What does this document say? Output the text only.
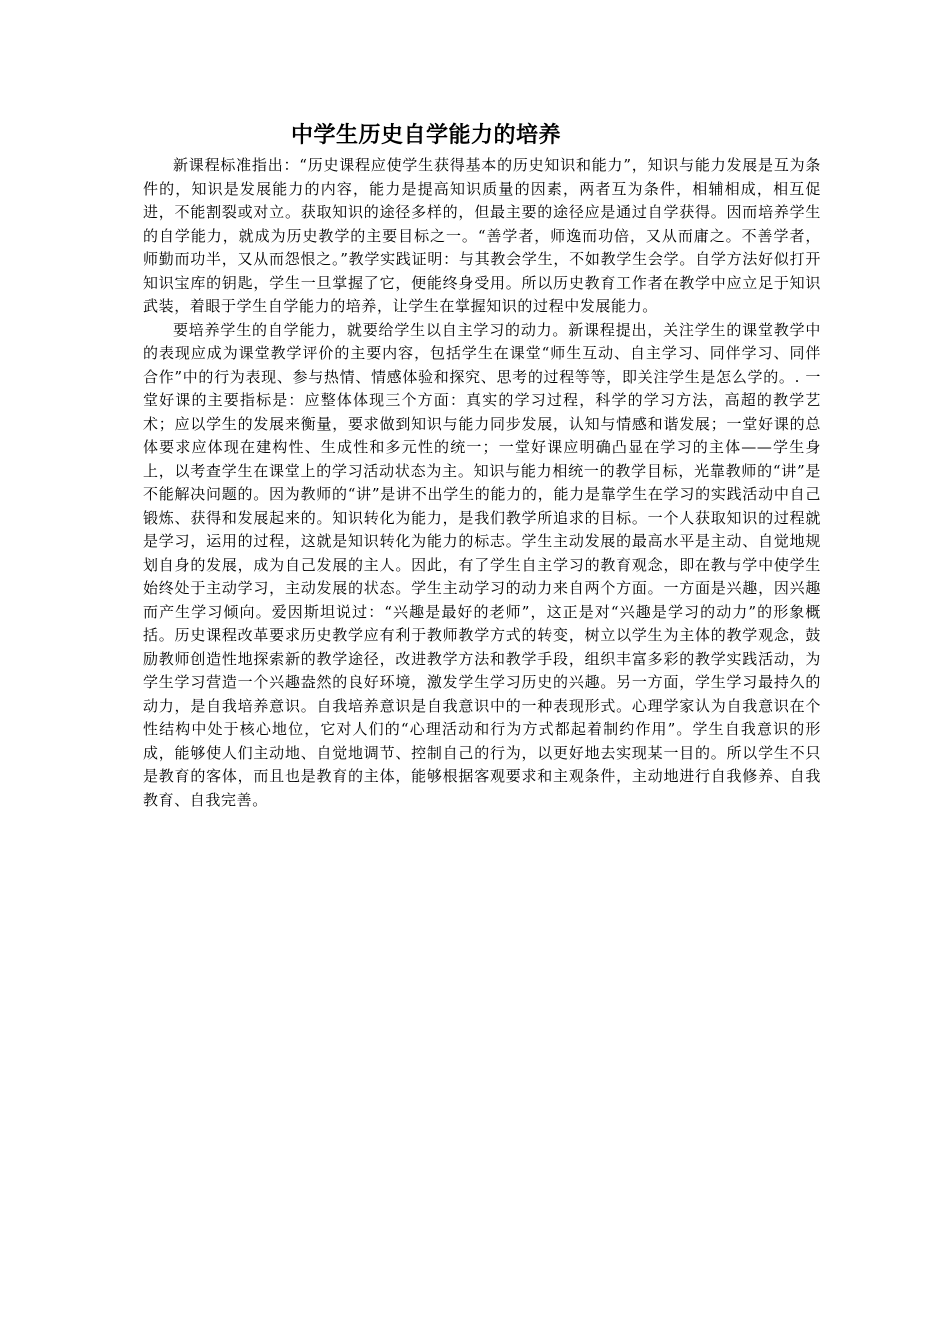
中学生历史自学能力的培养

新课程标准指出：“历史课程应使学生获得基本的历史知识和能力”，知识与能力发展是互为条件的，知识是发展能力的内容，能力是提高知识质量的因素，两者互为条件，相辅相成，相互促进，不能割裂或对立。获取知识的途径多样的，但最主要的途径应是通过自学获得。因而培养学生的自学能力，就成为历史教学的主要目标之一。“善学者，师逸而功倍，又从而庸之。不善学者，师勤而功半，又从而怨恨之。”教学实践证明：与其教会学生，不如教学生会学。自学方法好似打开知识宝库的钥匙，学生一旦掌握了它，便能终身受用。所以历史教育工作者在教学中应立足于知识武装，着眼于学生自学能力的培养，让学生在掌握知识的过程中发展能力。

要培养学生的自学能力，就要给学生以自主学习的动力。新课程提出，关注学生的课堂教学中的表现应成为课堂教学评价的主要内容，包括学生在课堂“师生互动、自主学习、同伴学习、同伴合作”中的行为表现、参与热情、情感体验和探究、思考的过程等等，即关注学生是怎么学的。. 一堂好课的主要指标是：应整体体现三个方面：真实的学习过程，科学的学习方法，高超的教学艺术；应以学生的发展来衡量，要求做到知识与能力同步发展，认知与情感和谐发展；一堂好课的总体要求应体现在建构性、生成性和多元性的统一；一堂好课应明确凸显在学习的主体——学生身上，以考查学生在课堂上的学习活动状态为主。知识与能力相统一的教学目标，光靠教师的“讲”是不能解决问题的。因为教师的“讲”是讲不出学生的能力的，能力是靠学生在学习的实践活动中自己锻炼、获得和发展起来的。知识转化为能力，是我们教学所追求的目标。一个人获取知识的过程就是学习，运用的过程，这就是知识转化为能力的标志。学生主动发展的最高水平是主动、自觉地规划自身的发展，成为自己发展的主人。因此，有了学生自主学习的教育观念，即在教与学中使学生始终处于主动学习，主动发展的状态。学生主动学习的动力来自两个方面。一方面是兴趣，因兴趣而产生学习倾向。爱因斯坦说过：“兴趣是最好的老师”，这正是对“兴趣是学习的动力”的形象概括。历史课程改革要求历史教学应有利于教师教学方式的转变，树立以学生为主体的教学观念，鼓励教师创造性地探索新的教学途径，改进教学方法和教学手段，组织丰富多彩的教学实践活动，为学生学习营造一个兴趣盎然的良好环境，激发学生学习历史的兴趣。另一方面，学生学习最持久的动力，是自我培养意识。自我培养意识是自我意识中的一种表现形式。心理学家认为自我意识在个性结构中处于核心地位，它对人们的“心理活动和行为方式都起着制约作用”。学生自我意识的形成，能够使人们主动地、自觉地调节、控制自己的行为，以更好地去实现某一目的。所以学生不只是教育的客体，而且也是教育的主体，能够根据客观要求和主观条件，主动地进行自我修养、自我教育、自我完善。
